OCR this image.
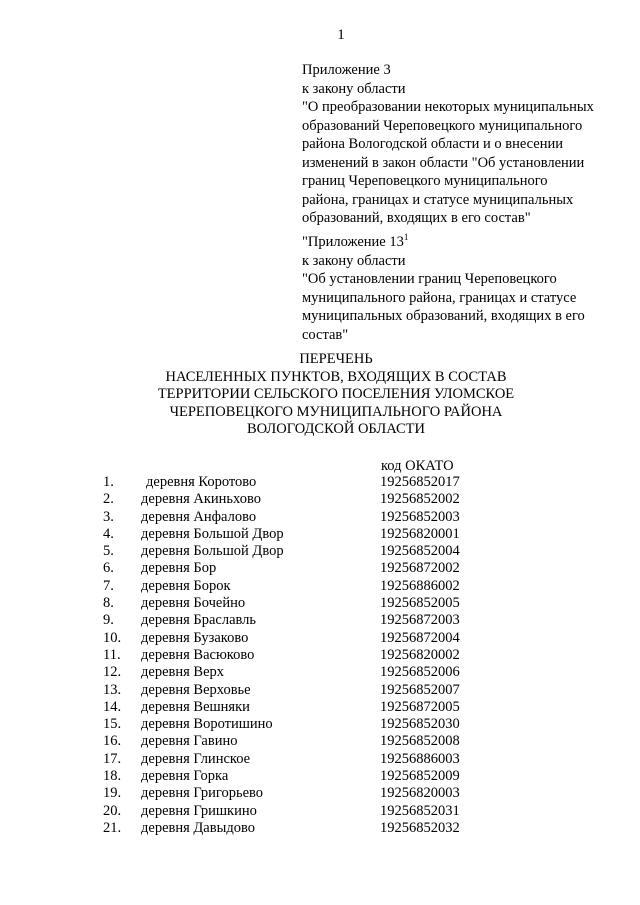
1
Приложение 3
к закону области
"О преобразовании некоторых муниципальных
образований Череповецкого муниципального
района Вологодской области и о внесении
изменений в закон области "Об установлении
границ Череповецкого муниципального
района, границах и статусе муниципальных
образований, входящих в его состав"
"Приложение $13^1$
к закону области
"Об установлении границ Череповецкого
муниципального района, границах и статусе
муниципальных образований, входящих в его
состав"
ПЕРЕЧЕНЬ
НАСЕЛЕННЫХ ПУНКТОВ, ВХОДЯЩИХ В СОСТАВ
ТЕРРИТОРИИ СЕЛЬСКОГО ПОСЕЛЕНИЯ УЛОМСКОЕ
ЧЕРЕПОВЕЦКОГО МУНИЦИПАЛЬНОГО РАЙОНА
ВОЛОГОДСКОЙ ОБЛАСТИ
код ОКАТО
1. деревня Коротово	19256852017
2. деревня Акиньхово	19256852002
3. деревня Анфалово	19256852003
4. деревня Большой Двор	19256820001
5. деревня Большой Двор	19256852004
6. деревня Бор	19256872002
7. деревня Борок	19256886002
8. деревня Бочейно	19256852005
9. деревня Браславль	19256872003
10. деревня Бузаково	19256872004
11. деревня Васюково	19256820002
12. деревня Верх	19256852006
13. деревня Верховье	19256852007
14. деревня Вешняки	19256872005
15. деревня Воротишино	19256852030
16. деревня Гавино	19256852008
17. деревня Глинское	19256886003
18. деревня Горка	19256852009
19. деревня Григорьево	19256820003
20. деревня Гришкино	19256852031
21. деревня Давыдово	19256852032
